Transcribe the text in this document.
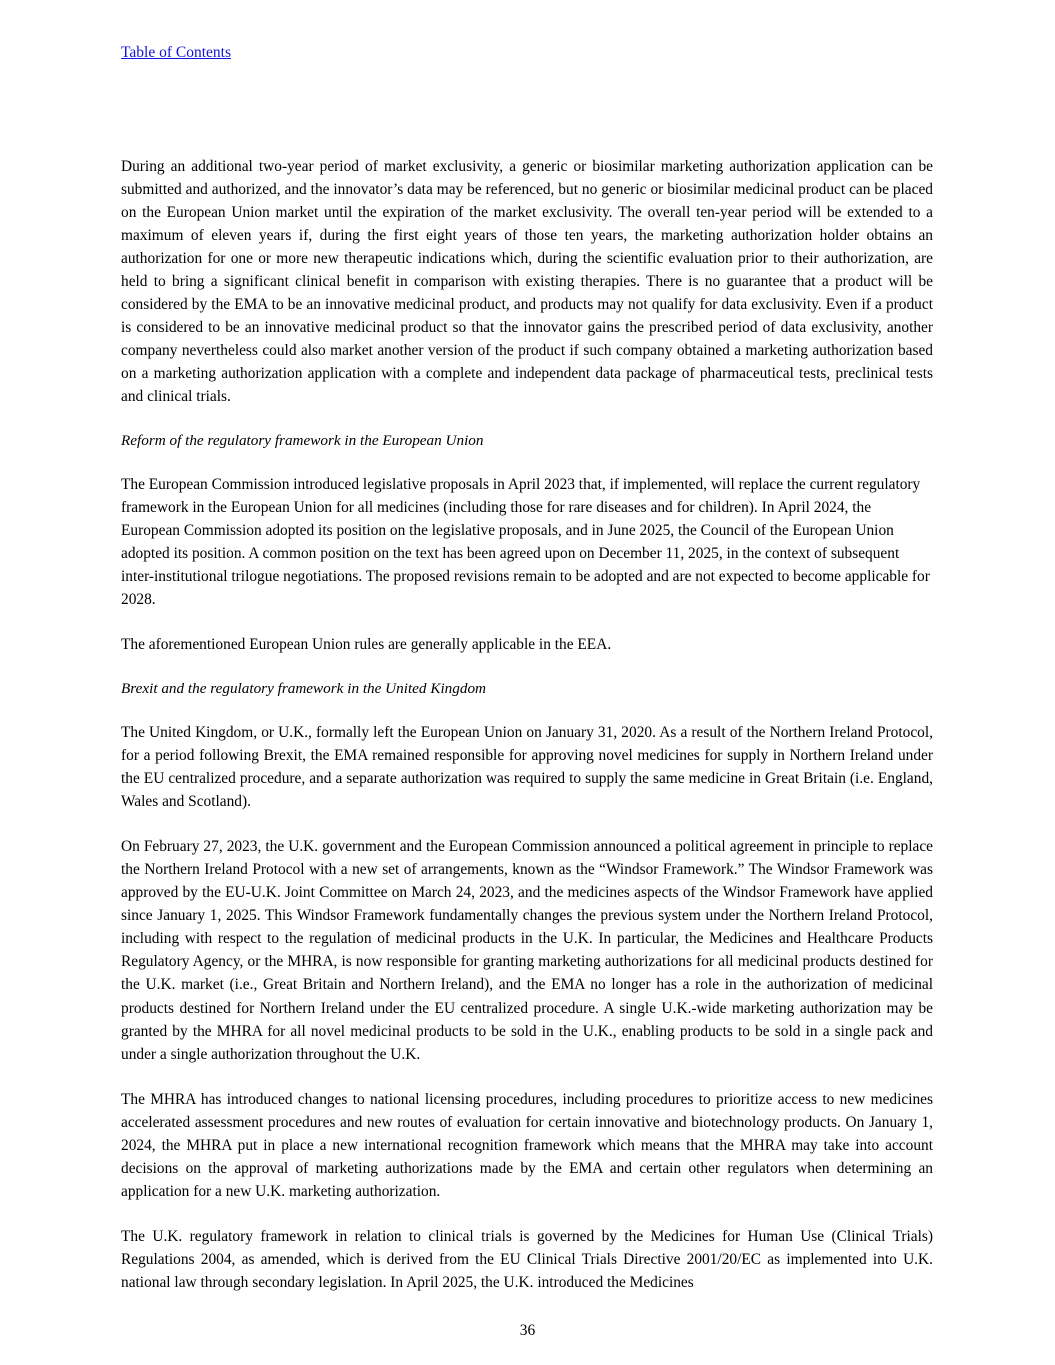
Table of Contents

During an additional two-year period of market exclusivity, a generic or biosimilar marketing authorization application can be submitted and authorized, and the innovator’s data may be referenced, but no generic or biosimilar medicinal product can be placed on the European Union market until the expiration of the market exclusivity. The overall ten-year period will be extended to a maximum of eleven years if, during the first eight years of those ten years, the marketing authorization holder obtains an authorization for one or more new therapeutic indications which, during the scientific evaluation prior to their authorization, are held to bring a significant clinical benefit in comparison with existing therapies. There is no guarantee that a product will be considered by the EMA to be an innovative medicinal product, and products may not qualify for data exclusivity. Even if a product is considered to be an innovative medicinal product so that the innovator gains the prescribed period of data exclusivity, another company nevertheless could also market another version of the product if such company obtained a marketing authorization based on a marketing authorization application with a complete and independent data package of pharmaceutical tests, preclinical tests and clinical trials.

Reform of the regulatory framework in the European Union

The European Commission introduced legislative proposals in April 2023 that, if implemented, will replace the current regulatory framework in the European Union for all medicines (including those for rare diseases and for children). In April 2024, the European Commission adopted its position on the legislative proposals, and in June 2025, the Council of the European Union adopted its position. A common position on the text has been agreed upon on December 11, 2025, in the context of subsequent inter-institutional trilogue negotiations. The proposed revisions remain to be adopted and are not expected to become applicable for 2028.

The aforementioned European Union rules are generally applicable in the EEA.

Brexit and the regulatory framework in the United Kingdom

The United Kingdom, or U.K., formally left the European Union on January 31, 2020. As a result of the Northern Ireland Protocol, for a period following Brexit, the EMA remained responsible for approving novel medicines for supply in Northern Ireland under the EU centralized procedure, and a separate authorization was required to supply the same medicine in Great Britain (i.e. England, Wales and Scotland).

On February 27, 2023, the U.K. government and the European Commission announced a political agreement in principle to replace the Northern Ireland Protocol with a new set of arrangements, known as the “Windsor Framework.” The Windsor Framework was approved by the EU-U.K. Joint Committee on March 24, 2023, and the medicines aspects of the Windsor Framework have applied since January 1, 2025. This Windsor Framework fundamentally changes the previous system under the Northern Ireland Protocol, including with respect to the regulation of medicinal products in the U.K. In particular, the Medicines and Healthcare Products Regulatory Agency, or the MHRA, is now responsible for granting marketing authorizations for all medicinal products destined for the U.K. market (i.e., Great Britain and Northern Ireland), and the EMA no longer has a role in the authorization of medicinal products destined for Northern Ireland under the EU centralized procedure. A single U.K.-wide marketing authorization may be granted by the MHRA for all novel medicinal products to be sold in the U.K., enabling products to be sold in a single pack and under a single authorization throughout the U.K.

The MHRA has introduced changes to national licensing procedures, including procedures to prioritize access to new medicines accelerated assessment procedures and new routes of evaluation for certain innovative and biotechnology products. On January 1, 2024, the MHRA put in place a new international recognition framework which means that the MHRA may take into account decisions on the approval of marketing authorizations made by the EMA and certain other regulators when determining an application for a new U.K. marketing authorization.

The U.K. regulatory framework in relation to clinical trials is governed by the Medicines for Human Use (Clinical Trials) Regulations 2004, as amended, which is derived from the EU Clinical Trials Directive 2001/20/EC as implemented into U.K. national law through secondary legislation. In April 2025, the U.K. introduced the Medicines

36
